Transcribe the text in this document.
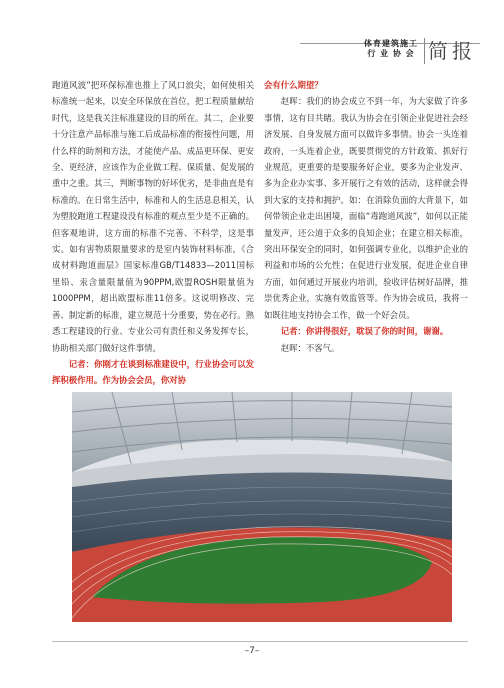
体育建筑施工
行 业 协 会 简报

跑道风波”把环保标准也推上了风口浪尖，如何使相关标准统一起来，以安全环保放在首位，把工程质量献给时代，这是我关注标准建设的目的所在。其二，企业要十分注意产品标准与施工后成品标准的衔接性问题，用什么样的助剂和方法，才能使产品、成品更环保、更安全、更经济，应该作为企业做工程、保质量、促发展的重中之重。其三，判断事物的好坏优劣，是非曲直是有标准的。在日常生活中，标准和人的生活息息相关，认为塑胶跑道工程建设没有标准的观点至少是不正确的。但客观地讲，这方面的标准不完善、不科学，这是事实。如有害物质限量要求的是室内装饰材料标准，《合成材料跑道面层》国家标准GB/T14833—2011国标里铅、汞含量限量值为90PPM,欧盟ROSH限量值为1000PPM，超出欧盟标准11倍多。这说明修改、完善、制定新的标准，建立规范十分重要，势在必行。熟悉工程建设的行业、专业公司有责任和义务发挥专长，协助相关部门做好这件事情。

记者：你刚才在谈到标准建设中，行业协会可以发挥积极作用。作为协会会员，你对协

会有什么期望？

赵晖：我们的协会成立不到一年，为大家做了许多事情，这有目共睹。我认为协会在引领企业促进社会经济发展、自身发展方面可以做许多事情。协会一头连着政府，一头连着企业，既要贯彻党的方针政策、抓好行业规范，更重要的是要服务好企业，要多为企业发声、多为企业办实事、多开展行之有效的活动，这样就会得到大家的支持和拥护。如：在消除负面的大背景下，如何带领企业走出困境，面临“毒跑道风波”，如何以正能量发声，还公道于众多的良知企业；在建立相关标准，突出环保安全的同时，如何强调专业化，以维护企业的利益和市场的公允性；在促进行业发展，促进企业自律方面，如何通过开展业内培训，验收评估树好品牌，推崇优秀企业，实施有效监管等。作为协会成员，我将一如既往地支持协会工作，做一个好会员。

记者：你讲得很好，耽误了你的时间，谢谢。

赵晖：不客气。

–7–
